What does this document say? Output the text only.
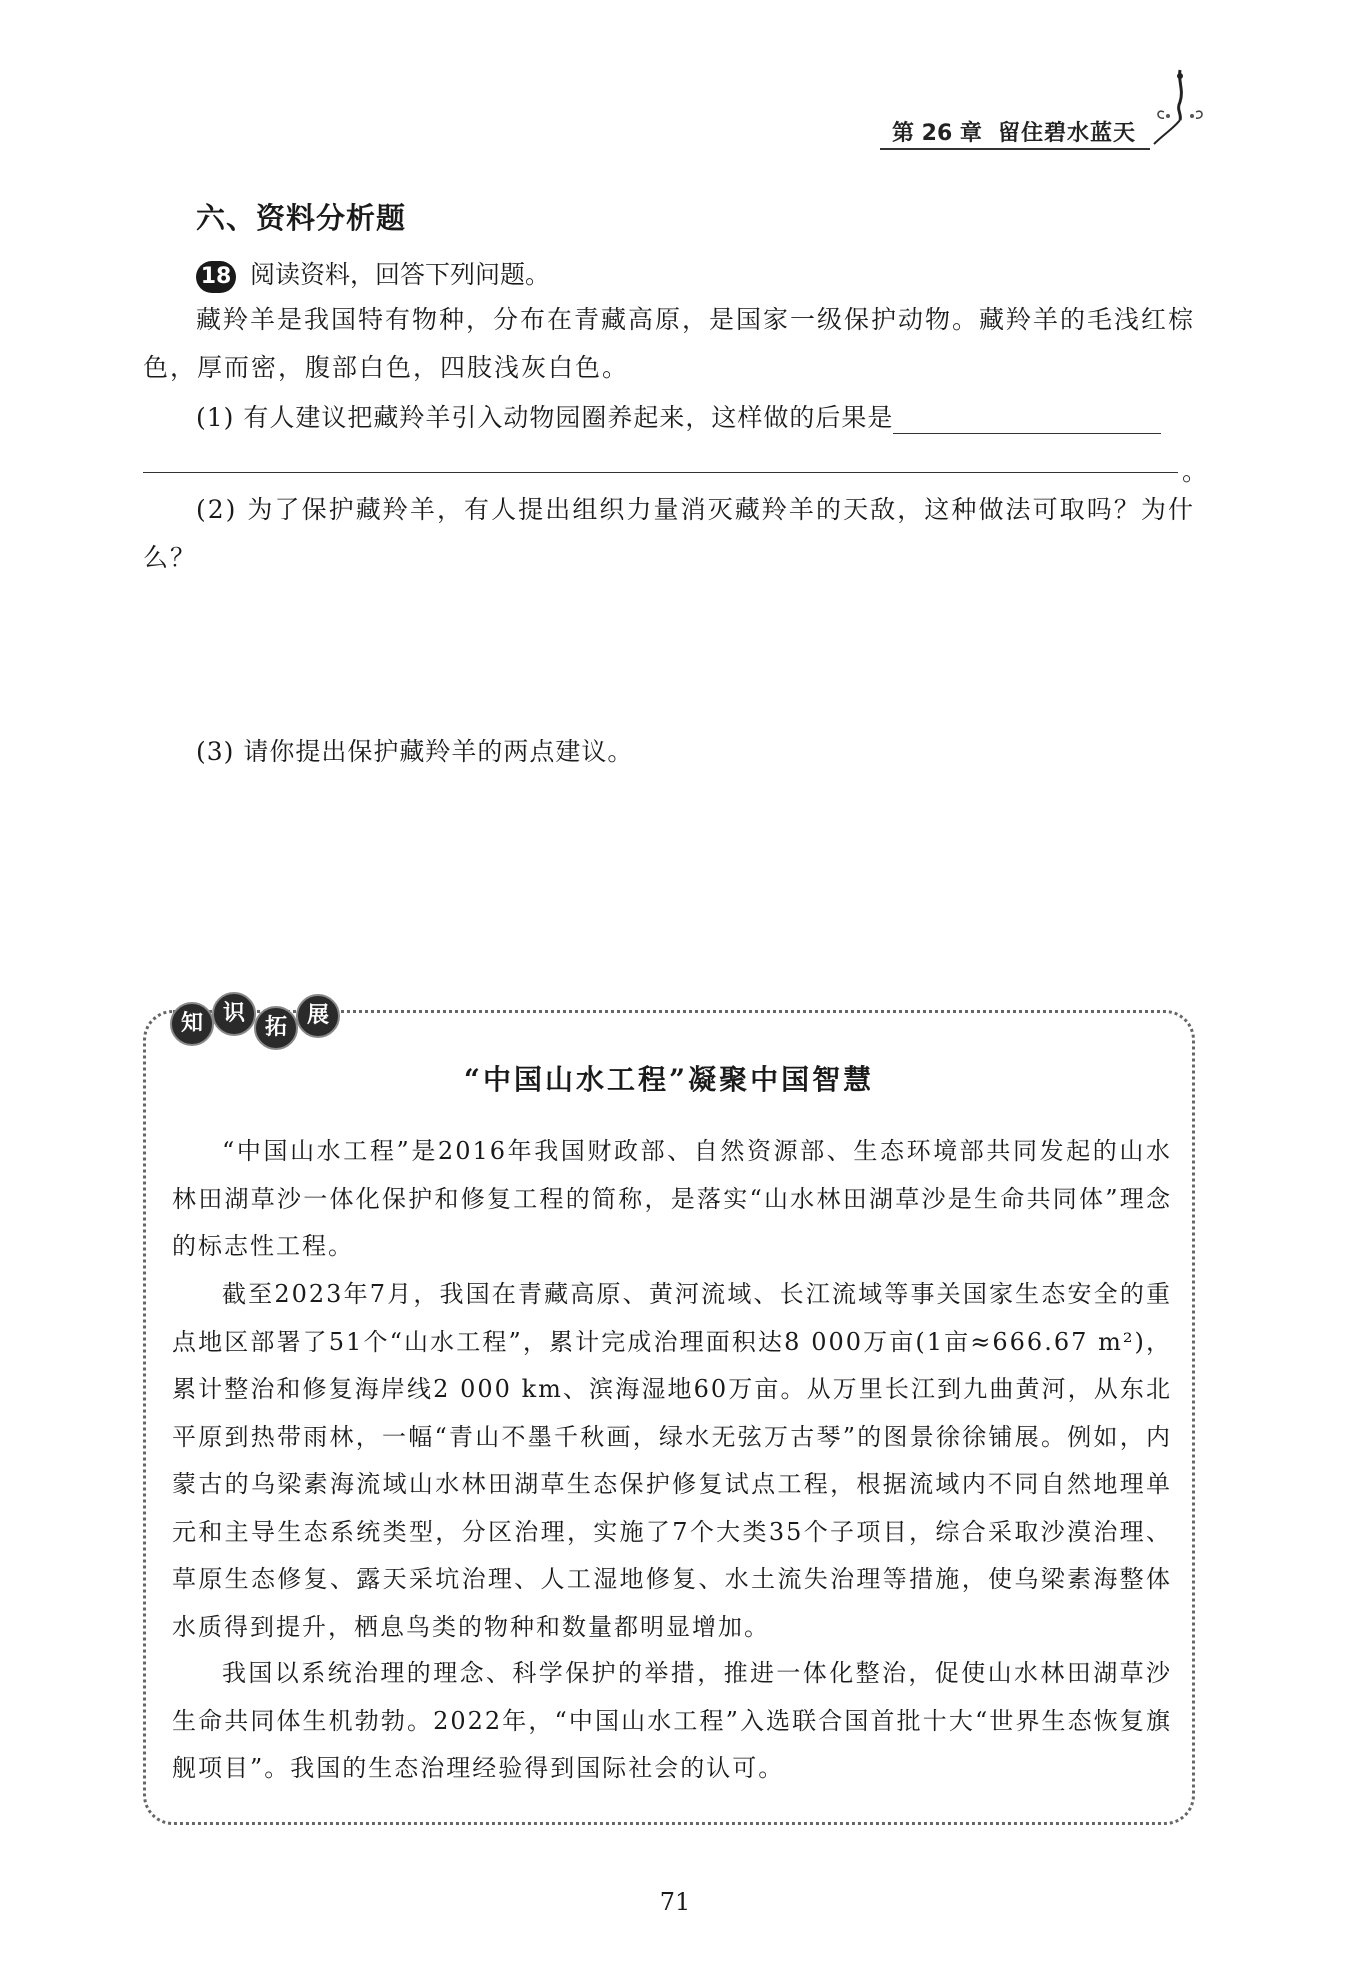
第 26 章 留住碧水蓝天
六、资料分析题
18 阅读资料，回答下列问题。
藏羚羊是我国特有物种，分布在青藏高原，是国家一级保护动物。藏羚羊的毛浅红棕色，厚而密，腹部白色，四肢浅灰白色。
(1) 有人建议把藏羚羊引入动物园圈养起来，这样做的后果是
。
(2) 为了保护藏羚羊，有人提出组织力量消灭藏羚羊的天敌，这种做法可取吗？为什么？
(3) 请你提出保护藏羚羊的两点建议。
知 识
拓 展
“中国山水工程”凝聚中国智慧
“中国山水工程”是2016年我国财政部、自然资源部、生态环境部共同发起的山水林田湖草沙一体化保护和修复工程的简称，是落实“山水林田湖草沙是生命共同体”理念的标志性工程。
截至2023年7月，我国在青藏高原、黄河流域、长江流域等事关国家生态安全的重点地区部署了51个“山水工程”，累计完成治理面积达8 000万亩(1亩≈666.67 m²)，累计整治和修复海岸线2 000 km、滨海湿地60万亩。从万里长江到九曲黄河，从东北平原到热带雨林，一幅“青山不墨千秋画，绿水无弦万古琴”的图景徐徐铺展。例如，内蒙古的乌梁素海流域山水林田湖草生态保护修复试点工程，根据流域内不同自然地理单元和主导生态系统类型，分区治理，实施了7个大类35个子项目，综合采取沙漠治理、草原生态修复、露天采坑治理、人工湿地修复、水土流失治理等措施，使乌梁素海整体水质得到提升，栖息鸟类的物种和数量都明显增加。
我国以系统治理的理念、科学保护的举措，推进一体化整治，促使山水林田湖草沙生命共同体生机勃勃。2022年，“中国山水工程”入选联合国首批十大“世界生态恢复旗舰项目”。我国的生态治理经验得到国际社会的认可。
71
